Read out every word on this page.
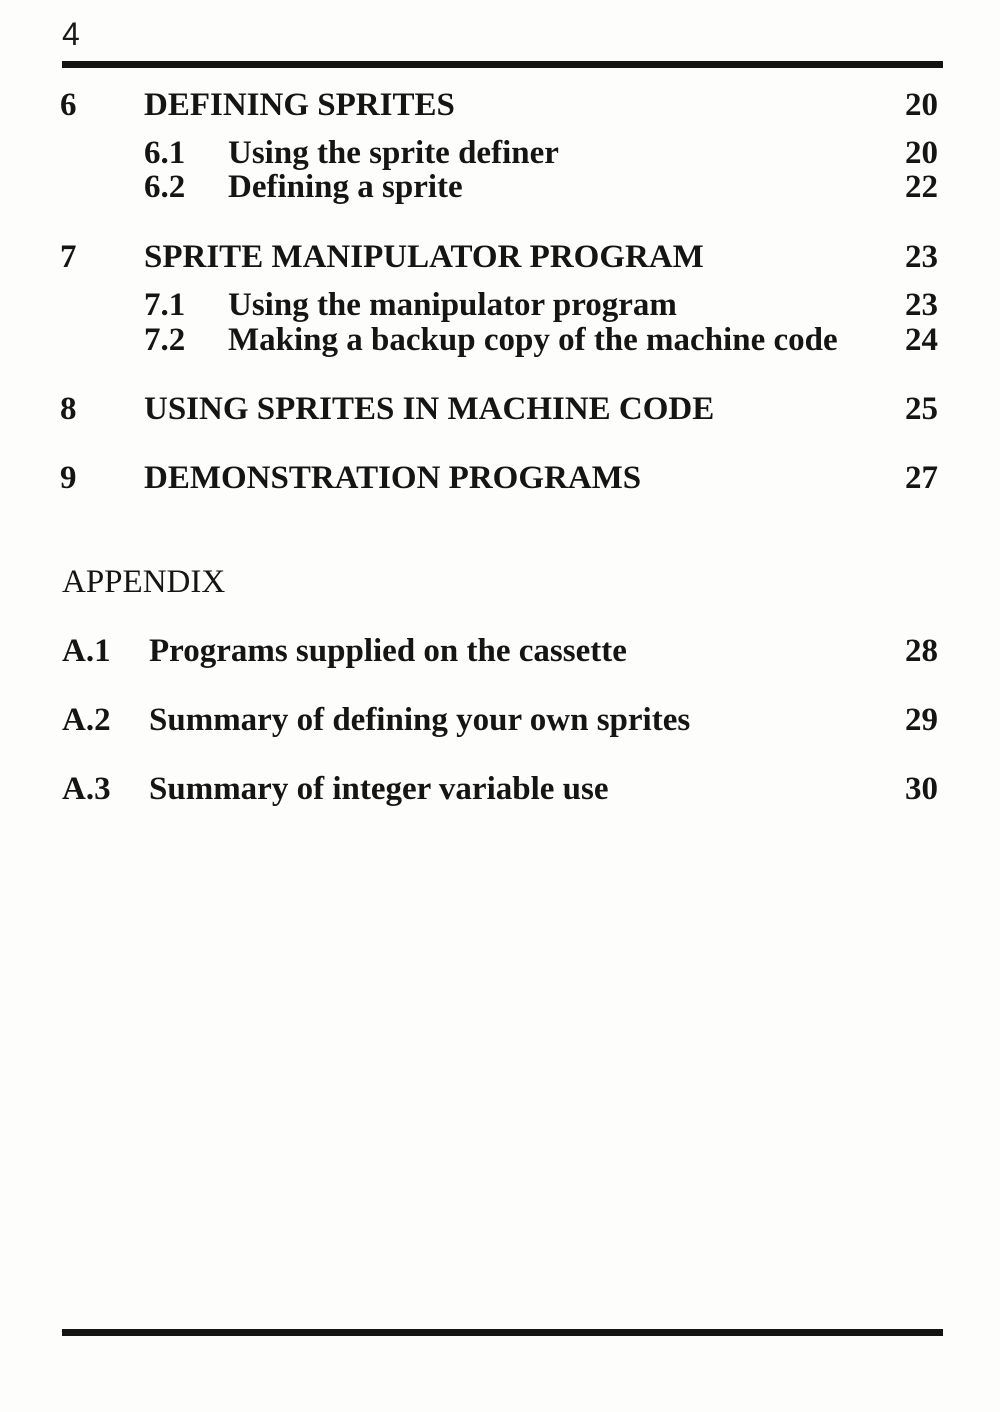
4
6 DEFINING SPRITES	20
6.1 Using the sprite definer	20
6.2 Defining a sprite	22
7 SPRITE MANIPULATOR PROGRAM	23
7.1 Using the manipulator program	23
7.2 Making a backup copy of the machine code 24
8 USING SPRITES IN MACHINE CODE	25
9 DEMONSTRATION PROGRAMS	27
APPENDIX
A.1 Programs supplied on the cassette	28
A.2 Summary of defining your own sprites	29
A.3 Summary of integer variable use	30
